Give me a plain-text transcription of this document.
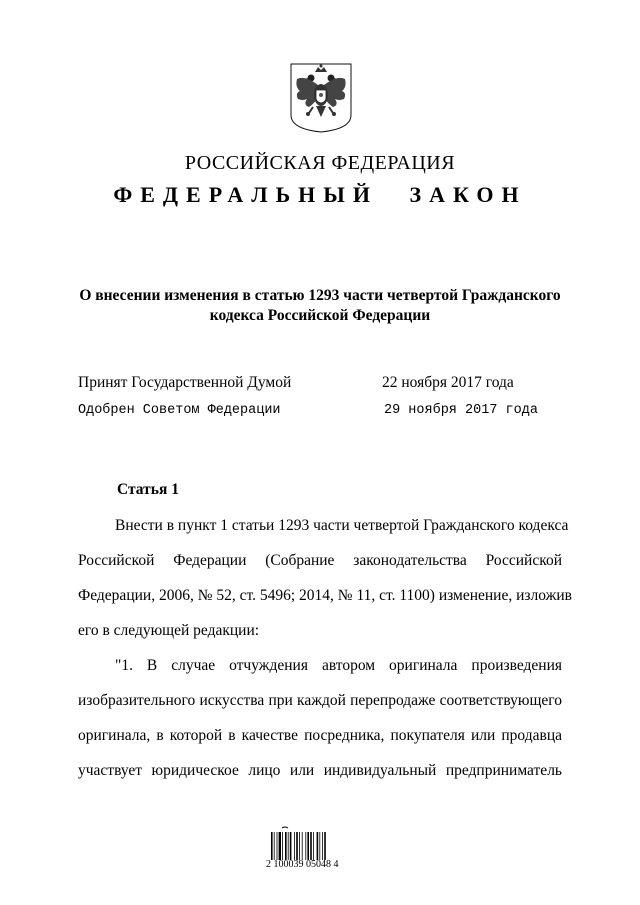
РОССИЙСКАЯ ФЕДЕРАЦИЯ
ФЕДЕРАЛЬНЫЙ ЗАКОН
О внесении изменения в статью 1293 части четвертой Гражданского
кодекса Российской Федерации
Принят Государственной Думой	22 ноября 2017 года
Одобрен Советом Федерации	29 ноября 2017 года
Статья 1
Внести в пункт 1 статьи 1293 части четвертой Гражданского кодекса
Российской Федерации (Собрание законодательства Российской
Федерации, 2006, № 52, ст. 5496; 2014, № 11, ст. 1100) изменение, изложив
его в следующей редакции:
"1. В случае отчуждения автором оригинала произведения
изобразительного искусства при каждой перепродаже соответствующего
оригинала, в которой в качестве посредника, покупателя или продавца
участвует юридическое лицо или индивидуальный предприниматель
2 100039 05048 4
